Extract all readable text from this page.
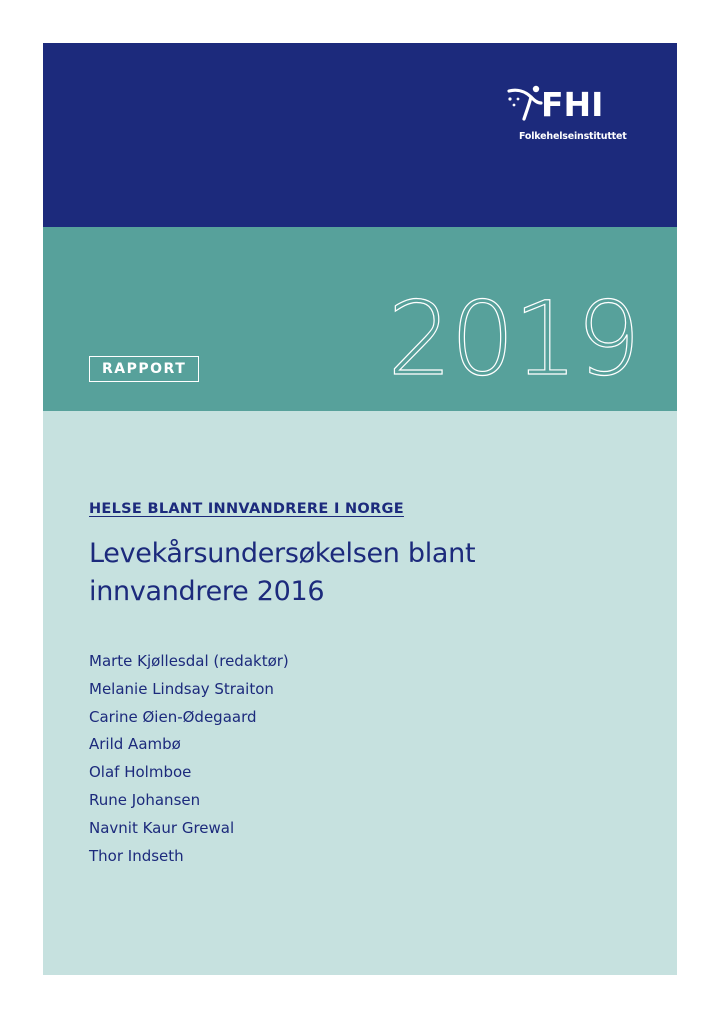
FHI
Folkehelseinstituttet
RAPPORT 2019
HELSE BLANT INNVANDRERE I NORGE
Levekårsundersøkelsen blant innvandrere 2016
Marte Kjøllesdal (redaktør)
Melanie Lindsay Straiton
Carine Øien-Ødegaard
Arild Aambø
Olaf Holmboe
Rune Johansen
Navnit Kaur Grewal
Thor Indseth
